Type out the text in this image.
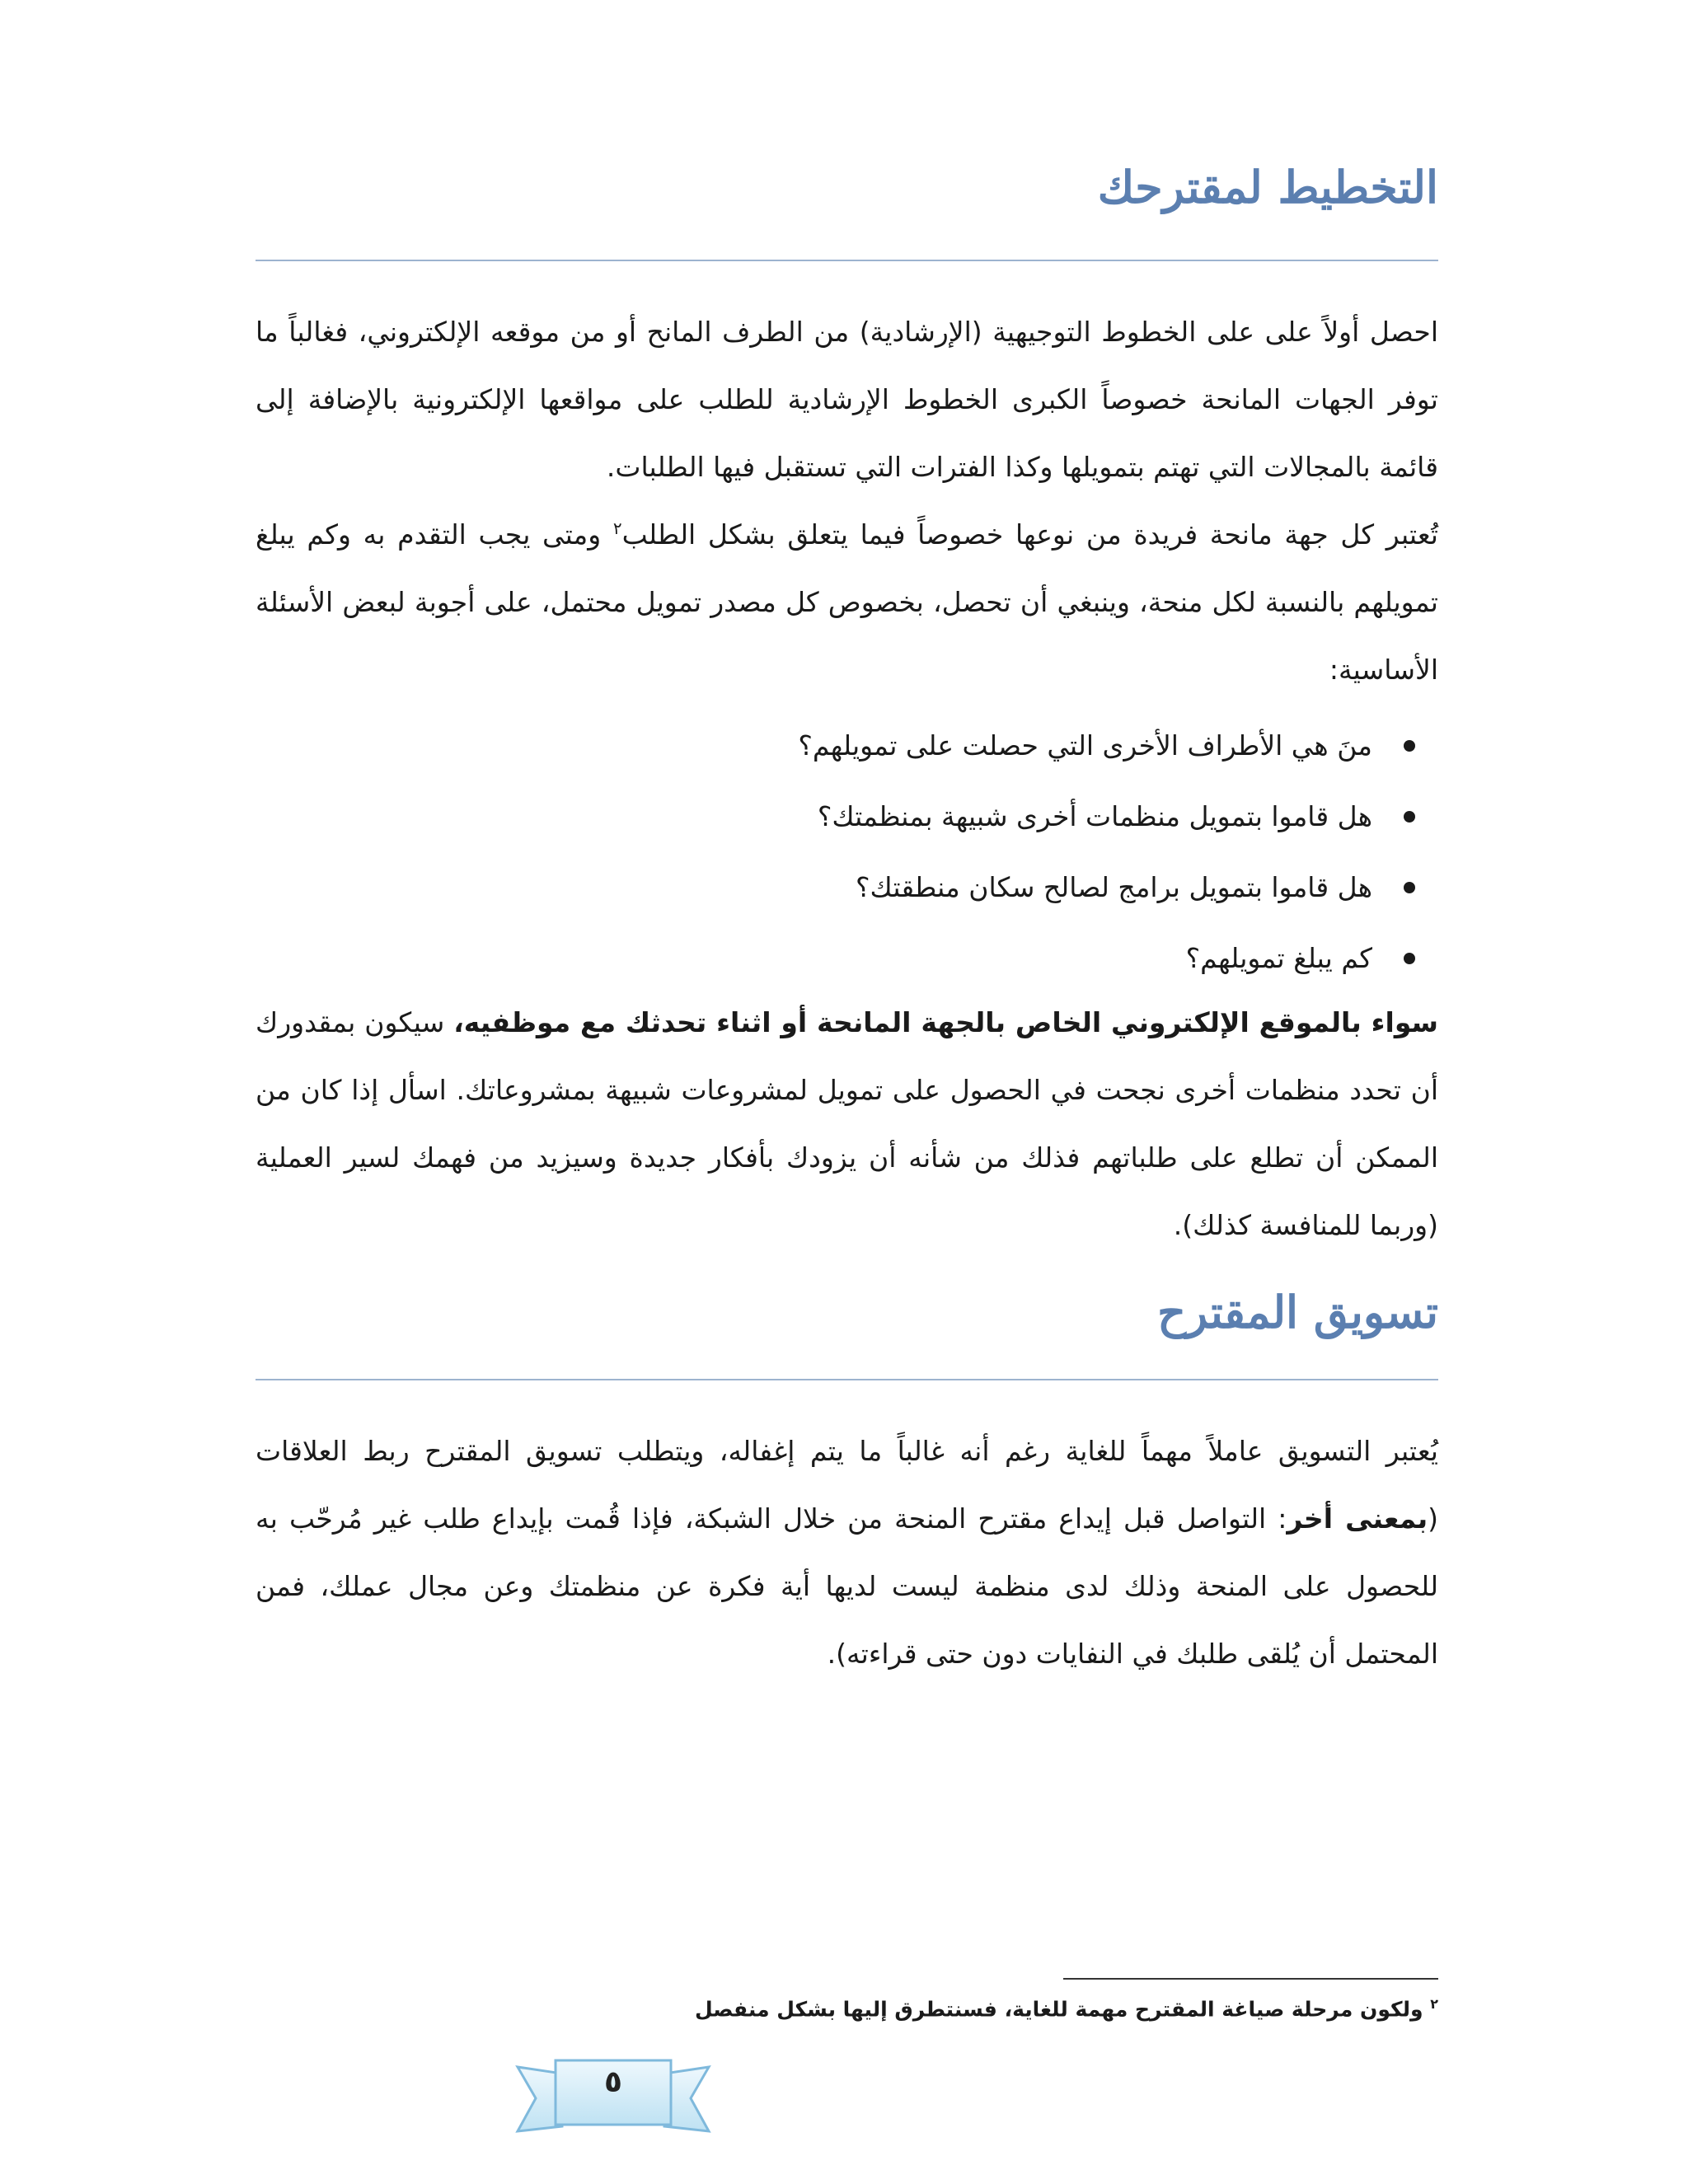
التخطيط لمقترحك

احصل أولاً على على الخطوط التوجيهية (الإرشادية) من الطرف المانح أو من موقعه الإلكتروني، فغالباً ما توفر الجهات المانحة خصوصاً الكبرى الخطوط الإرشادية للطلب على مواقعها الإلكترونية بالإضافة إلى قائمة بالمجالات التي تهتم بتمويلها وكذا الفترات التي تستقبل فيها الطلبات.

تُعتبر كل جهة مانحة فريدة من نوعها خصوصاً فيما يتعلق بشكل الطلب$^٢$ ومتى يجب التقدم به وكم يبلغ تمويلهم بالنسبة لكل منحة، وينبغي أن تحصل، بخصوص كل مصدر تمويل محتمل، على أجوبة لبعض الأسئلة الأساسية:

منَ هي الأطراف الأخرى التي حصلت على تمويلهم؟
هل قاموا بتمويل منظمات أخرى شبيهة بمنظمتك؟
هل قاموا بتمويل برامج لصالح سكان منطقتك؟
كم يبلغ تمويلهم؟

سواء بالموقع الإلكتروني الخاص بالجهة المانحة أو اثناء تحدثك مع موظفيه، سيكون بمقدورك أن تحدد منظمات أخرى نجحت في الحصول على تمويل لمشروعات شبيهة بمشروعاتك. اسأل إذا كان من الممكن أن تطلع على طلباتهم فذلك من شأنه أن يزودك بأفكار جديدة وسيزيد من فهمك لسير العملية (وربما للمنافسة كذلك).

تسويق المقترح

يُعتبر التسويق عاملاً مهماً للغاية رغم أنه غالباً ما يتم إغفاله، ويتطلب تسويق المقترح ربط العلاقات (بمعنى أخر: التواصل قبل إيداع مقترح المنحة من خلال الشبكة، فإذا قُمت بإيداع طلب غير مُرحّب به للحصول على المنحة وذلك لدى منظمة ليست لديها أية فكرة عن منظمتك وعن مجال عملك، فمن المحتمل أن يُلقى طلبك في النفايات دون حتى قراءته).

$^٢$ ولكون مرحلة صياغة المقترح مهمة للغاية، فسنتطرق إليها بشكل منفصل

٥
